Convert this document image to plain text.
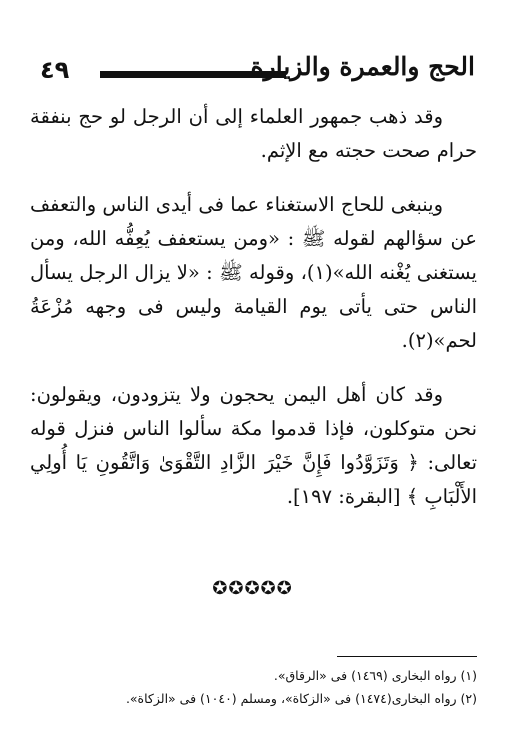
٤٩	الحج والعمرة والزيارة

وقد ذهب جمهور العلماء إلى أن الرجل لو حج بنفقة حرام صحت حجته مع الإثم.

وينبغى للحاج الاستغناء عما فى أيدى الناس والتعفف عن سؤالهم لقوله ﷺ : «ومن يستعفف يُعِفُّه الله، ومن يستغنى يُغْنه الله»(١)، وقوله ﷺ : «لا يزال الرجل يسأل الناس حتى يأتى يوم القيامة وليس فى وجهه مُزْعَةُ لحم»(٢).

وقد كان أهل اليمن يحجون ولا يتزودون، ويقولون: نحن متوكلون، فإذا قدموا مكة سألوا الناس فنزل قوله تعالى: ﴿ وَتَزَوَّدُوا فَإِنَّ خَيْرَ الزَّادِ التَّقْوَىٰ وَاتَّقُونِ يَا أُولِي الأَلْبَابِ ﴾ [البقرة: ١٩٧].

✪✪✪✪✪

(١) رواه البخارى (١٤٦٩) فى «الرقاق».

(٢) رواه البخارى(١٤٧٤) فى «الزكاة»، ومسلم (١٠٤٠) فى «الزكاة».
